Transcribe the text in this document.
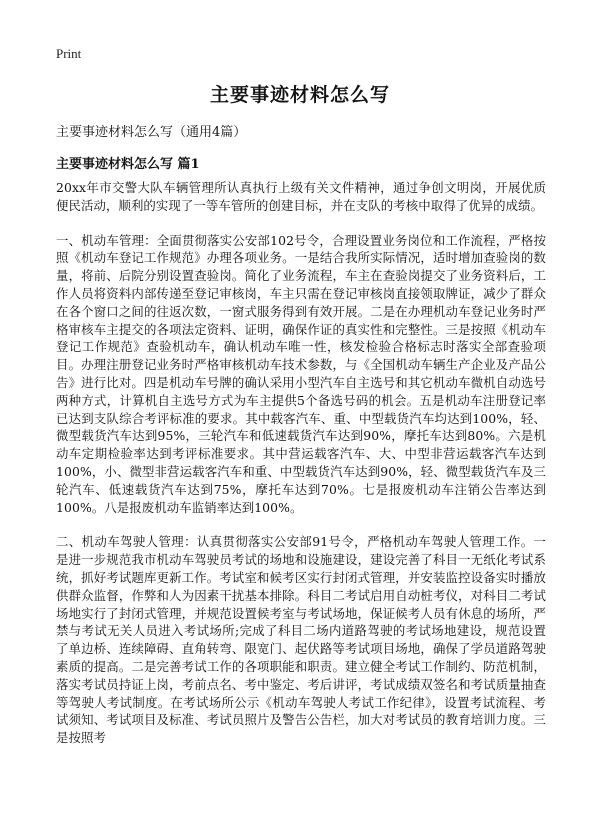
Print
主要事迹材料怎么写
主要事迹材料怎么写（通用4篇）
主要事迹材料怎么写 篇1

20xx年市交警大队车辆管理所认真执行上级有关文件精神，通过争创文明岗，开展优质便民活动，顺利的实现了一等车管所的创建目标，并在支队的考核中取得了优异的成绩。

一、机动车管理：全面贯彻落实公安部102号令，合理设置业务岗位和工作流程，严格按照《机动车登记工作规范》办理各项业务。一是结合我所实际情况，适时增加查验岗的数量，将前、后院分别设置查验岗。简化了业务流程，车主在查验岗提交了业务资料后，工作人员将资料内部传递至登记审核岗，车主只需在登记审核岗直接领取牌证，减少了群众在各个窗口之间的往返次数，一窗式服务得到有效开展。二是在办理机动车登记业务时严格审核车主提交的各项法定资料、证明，确保作证的真实性和完整性。三是按照《机动车登记工作规范》查验机动车，确认机动车唯一性，核发检验合格标志时落实全部查验项目。办理注册登记业务时严格审核机动车技术参数，与《全国机动车辆生产企业及产品公告》进行比对。四是机动车号牌的确认采用小型汽车自主选号和其它机动车微机自动选号两种方式，计算机自主选号方式为车主提供5个备选号码的机会。五是机动车注册登记率已达到支队综合考评标准的要求。其中载客汽车、重、中型载货汽车均达到100%，轻、微型载货汽车达到95%，三轮汽车和低速载货汽车达到90%，摩托车达到80%。六是机动车定期检验率达到考评标准要求。其中营运载客汽车、大、中型非营运载客汽车达到100%，小、微型非营运载客汽车和重、中型载货汽车达到90%，轻、微型载货汽车及三轮汽车、低速载货汽车达到75%，摩托车达到70%。七是报废机动车注销公告率达到100%。八是报废机动车监销率达到100%。

二、机动车驾驶人管理：认真贯彻落实公安部91号令，严格机动车驾驶人管理工作。一是进一步规范我市机动车驾驶员考试的场地和设施建设，建设完善了科目一无纸化考试系统，抓好考试题库更新工作。考试室和候考区实行封闭式管理，并安装监控设备实时播放供群众监督，作弊和人为因素干扰基本排除。科目二考试启用自动桩考仪，对科目二考试场地实行了封闭式管理，并规范设置候考室与考试场地，保证候考人员有休息的场所，严禁与考试无关人员进入考试场所;完成了科目二场内道路驾驶的考试场地建设，规范设置了单边桥、连续障碍、直角转弯、限宽门、起伏路等考试项目场地，确保了学员道路驾驶素质的提高。二是完善考试工作的各项职能和职责。建立健全考试工作制约、防范机制，落实考试员持证上岗，考前点名、考中鉴定、考后讲评，考试成绩双签名和考试质量抽查等驾驶人考试制度。在考试场所公示《机动车驾驶人考试工作纪律》，设置考试流程、考试须知、考试项目及标准、考试员照片及警告公告栏，加大对考试员的教育培训力度。三是按照考
